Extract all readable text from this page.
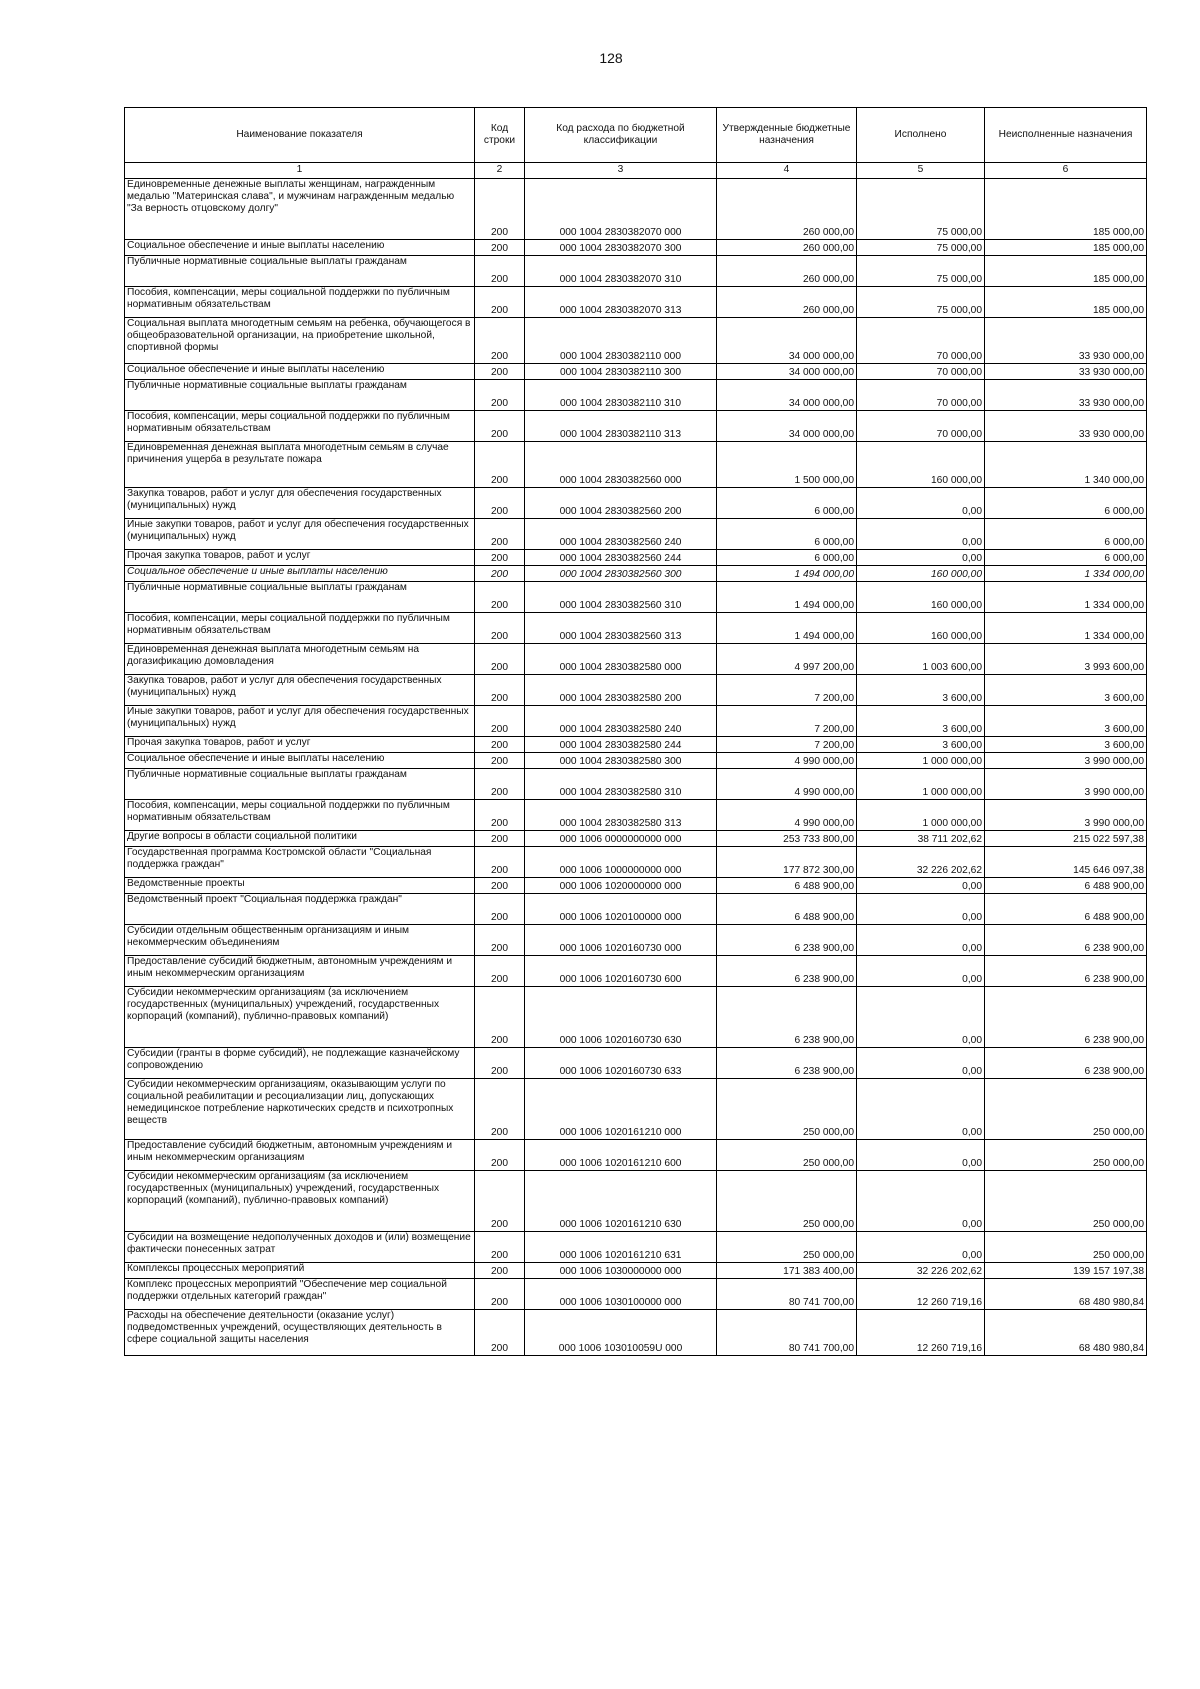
128
Наименование показателя	Код строки	Код расхода по бюджетной классификации	Утвержденные бюджетные назначения	Исполнено	Неисполненные назначения
1	2	3	4	5	6
Единовременные денежные выплаты женщинам, награжденным медалью "Материнская слава", и мужчинам награжденным медалью "За верность отцовскому долгу"	200	000 1004 2830382070 000	260 000,00	75 000,00	185 000,00
Социальное обеспечение и иные выплаты населению	200	000 1004 2830382070 300	260 000,00	75 000,00	185 000,00
Публичные нормативные социальные выплаты гражданам	200	000 1004 2830382070 310	260 000,00	75 000,00	185 000,00
Пособия, компенсации, меры социальной поддержки по публичным нормативным обязательствам	200	000 1004 2830382070 313	260 000,00	75 000,00	185 000,00
Социальная выплата многодетным семьям на ребенка, обучающегося в общеобразовательной организации, на приобретение школьной, спортивной формы	200	000 1004 2830382110 000	34 000 000,00	70 000,00	33 930 000,00
Социальное обеспечение и иные выплаты населению	200	000 1004 2830382110 300	34 000 000,00	70 000,00	33 930 000,00
Публичные нормативные социальные выплаты гражданам	200	000 1004 2830382110 310	34 000 000,00	70 000,00	33 930 000,00
Пособия, компенсации, меры социальной поддержки по публичным нормативным обязательствам	200	000 1004 2830382110 313	34 000 000,00	70 000,00	33 930 000,00
Единовременная денежная выплата многодетным семьям в случае причинения ущерба в результате пожара	200	000 1004 2830382560 000	1 500 000,00	160 000,00	1 340 000,00
Закупка товаров, работ и услуг для обеспечения государственных (муниципальных) нужд	200	000 1004 2830382560 200	6 000,00	0,00	6 000,00
Иные закупки товаров, работ и услуг для обеспечения государственных (муниципальных) нужд	200	000 1004 2830382560 240	6 000,00	0,00	6 000,00
Прочая закупка товаров, работ и услуг	200	000 1004 2830382560 244	6 000,00	0,00	6 000,00
Социальное обеспечение и иные выплаты населению	200	000 1004 2830382560 300	1 494 000,00	160 000,00	1 334 000,00
Публичные нормативные социальные выплаты гражданам	200	000 1004 2830382560 310	1 494 000,00	160 000,00	1 334 000,00
Пособия, компенсации, меры социальной поддержки по публичным нормативным обязательствам	200	000 1004 2830382560 313	1 494 000,00	160 000,00	1 334 000,00
Единовременная денежная выплата многодетным семьям на догазификацию домовладения	200	000 1004 2830382580 000	4 997 200,00	1 003 600,00	3 993 600,00
Закупка товаров, работ и услуг для обеспечения государственных (муниципальных) нужд	200	000 1004 2830382580 200	7 200,00	3 600,00	3 600,00
Иные закупки товаров, работ и услуг для обеспечения государственных (муниципальных) нужд	200	000 1004 2830382580 240	7 200,00	3 600,00	3 600,00
Прочая закупка товаров, работ и услуг	200	000 1004 2830382580 244	7 200,00	3 600,00	3 600,00
Социальное обеспечение и иные выплаты населению	200	000 1004 2830382580 300	4 990 000,00	1 000 000,00	3 990 000,00
Публичные нормативные социальные выплаты гражданам	200	000 1004 2830382580 310	4 990 000,00	1 000 000,00	3 990 000,00
Пособия, компенсации, меры социальной поддержки по публичным нормативным обязательствам	200	000 1004 2830382580 313	4 990 000,00	1 000 000,00	3 990 000,00
Другие вопросы в области социальной политики	200	000 1006 0000000000 000	253 733 800,00	38 711 202,62	215 022 597,38
Государственная программа Костромской области "Социальная поддержка граждан"	200	000 1006 1000000000 000	177 872 300,00	32 226 202,62	145 646 097,38
Ведомственные проекты	200	000 1006 1020000000 000	6 488 900,00	0,00	6 488 900,00
Ведомственный проект "Социальная поддержка граждан"	200	000 1006 1020100000 000	6 488 900,00	0,00	6 488 900,00
Субсидии отдельным общественным организациям и иным некоммерческим объединениям	200	000 1006 1020160730 000	6 238 900,00	0,00	6 238 900,00
Предоставление субсидий бюджетным, автономным учреждениям и иным некоммерческим организациям	200	000 1006 1020160730 600	6 238 900,00	0,00	6 238 900,00
Субсидии некоммерческим организациям (за исключением государственных (муниципальных) учреждений, государственных корпораций (компаний), публично-правовых компаний)	200	000 1006 1020160730 630	6 238 900,00	0,00	6 238 900,00
Субсидии (гранты в форме субсидий), не подлежащие казначейскому сопровождению	200	000 1006 1020160730 633	6 238 900,00	0,00	6 238 900,00
Субсидии некоммерческим организациям, оказывающим услуги по социальной реабилитации и ресоциализации лиц, допускающих немедицинское потребление наркотических средств и психотропных веществ	200	000 1006 1020161210 000	250 000,00	0,00	250 000,00
Предоставление субсидий бюджетным, автономным учреждениям и иным некоммерческим организациям	200	000 1006 1020161210 600	250 000,00	0,00	250 000,00
Субсидии некоммерческим организациям (за исключением государственных (муниципальных) учреждений, государственных корпораций (компаний), публично-правовых компаний)	200	000 1006 1020161210 630	250 000,00	0,00	250 000,00
Субсидии на возмещение недополученных доходов и (или) возмещение фактически понесенных затрат	200	000 1006 1020161210 631	250 000,00	0,00	250 000,00
Комплексы процессных мероприятий	200	000 1006 1030000000 000	171 383 400,00	32 226 202,62	139 157 197,38
Комплекс процессных мероприятий "Обеспечение мер социальной поддержки отдельных категорий граждан"	200	000 1006 1030100000 000	80 741 700,00	12 260 719,16	68 480 980,84
Расходы на обеспечение деятельности (оказание услуг) подведомственных учреждений, осуществляющих деятельность в сфере социальной защиты населения	200	000 1006 103010059U 000	80 741 700,00	12 260 719,16	68 480 980,84
